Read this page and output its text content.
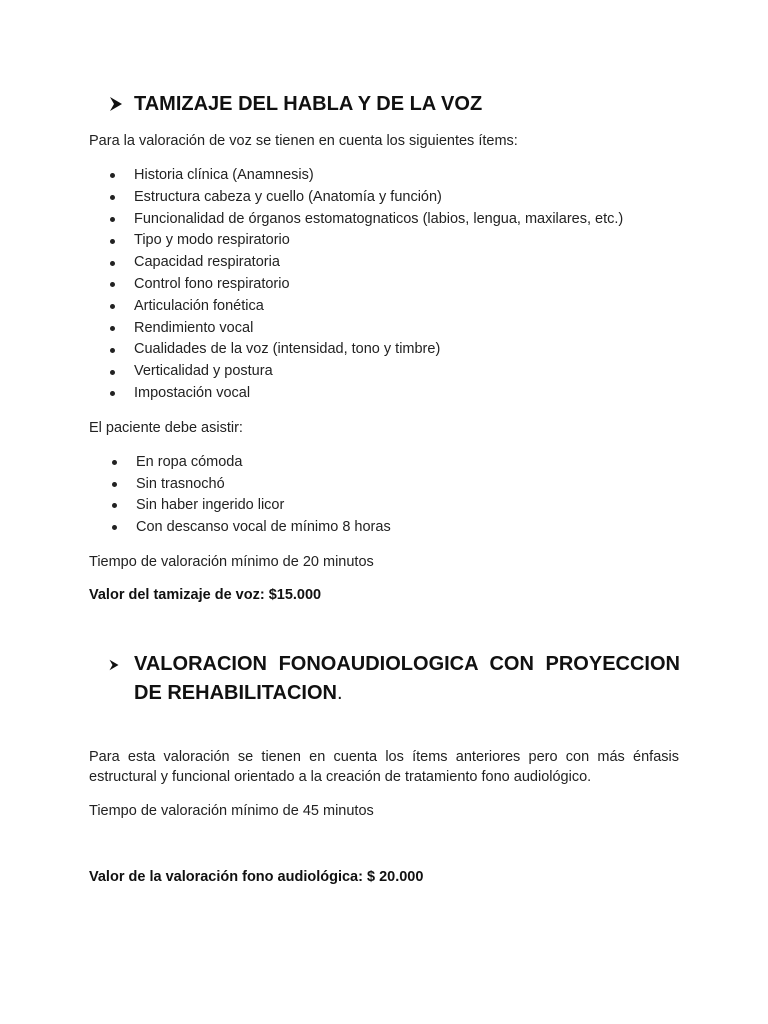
TAMIZAJE DEL HABLA Y DE LA VOZ
Para la valoración de voz se tienen en cuenta los siguientes ítems:
Historia clínica (Anamnesis)
Estructura cabeza y cuello (Anatomía y función)
Funcionalidad de órganos estomatognaticos (labios, lengua, maxilares, etc.)
Tipo y modo respiratorio
Capacidad respiratoria
Control fono respiratorio
Articulación fonética
Rendimiento vocal
Cualidades de la voz (intensidad, tono y timbre)
Verticalidad y postura
Impostación vocal
El paciente debe asistir:
En ropa cómoda
Sin trasnochó
Sin haber ingerido licor
Con descanso vocal de mínimo 8 horas
Tiempo de valoración mínimo de 20 minutos
Valor del tamizaje de voz: $15.000
VALORACION FONOAUDIOLOGICA CON PROYECCION DE REHABILITACION.
Para esta valoración se tienen en cuenta los ítems anteriores pero con más énfasis estructural y funcional orientado a la creación de tratamiento fono audiológico.
Tiempo de valoración mínimo de 45 minutos
Valor de la valoración fono audiológica: $ 20.000
